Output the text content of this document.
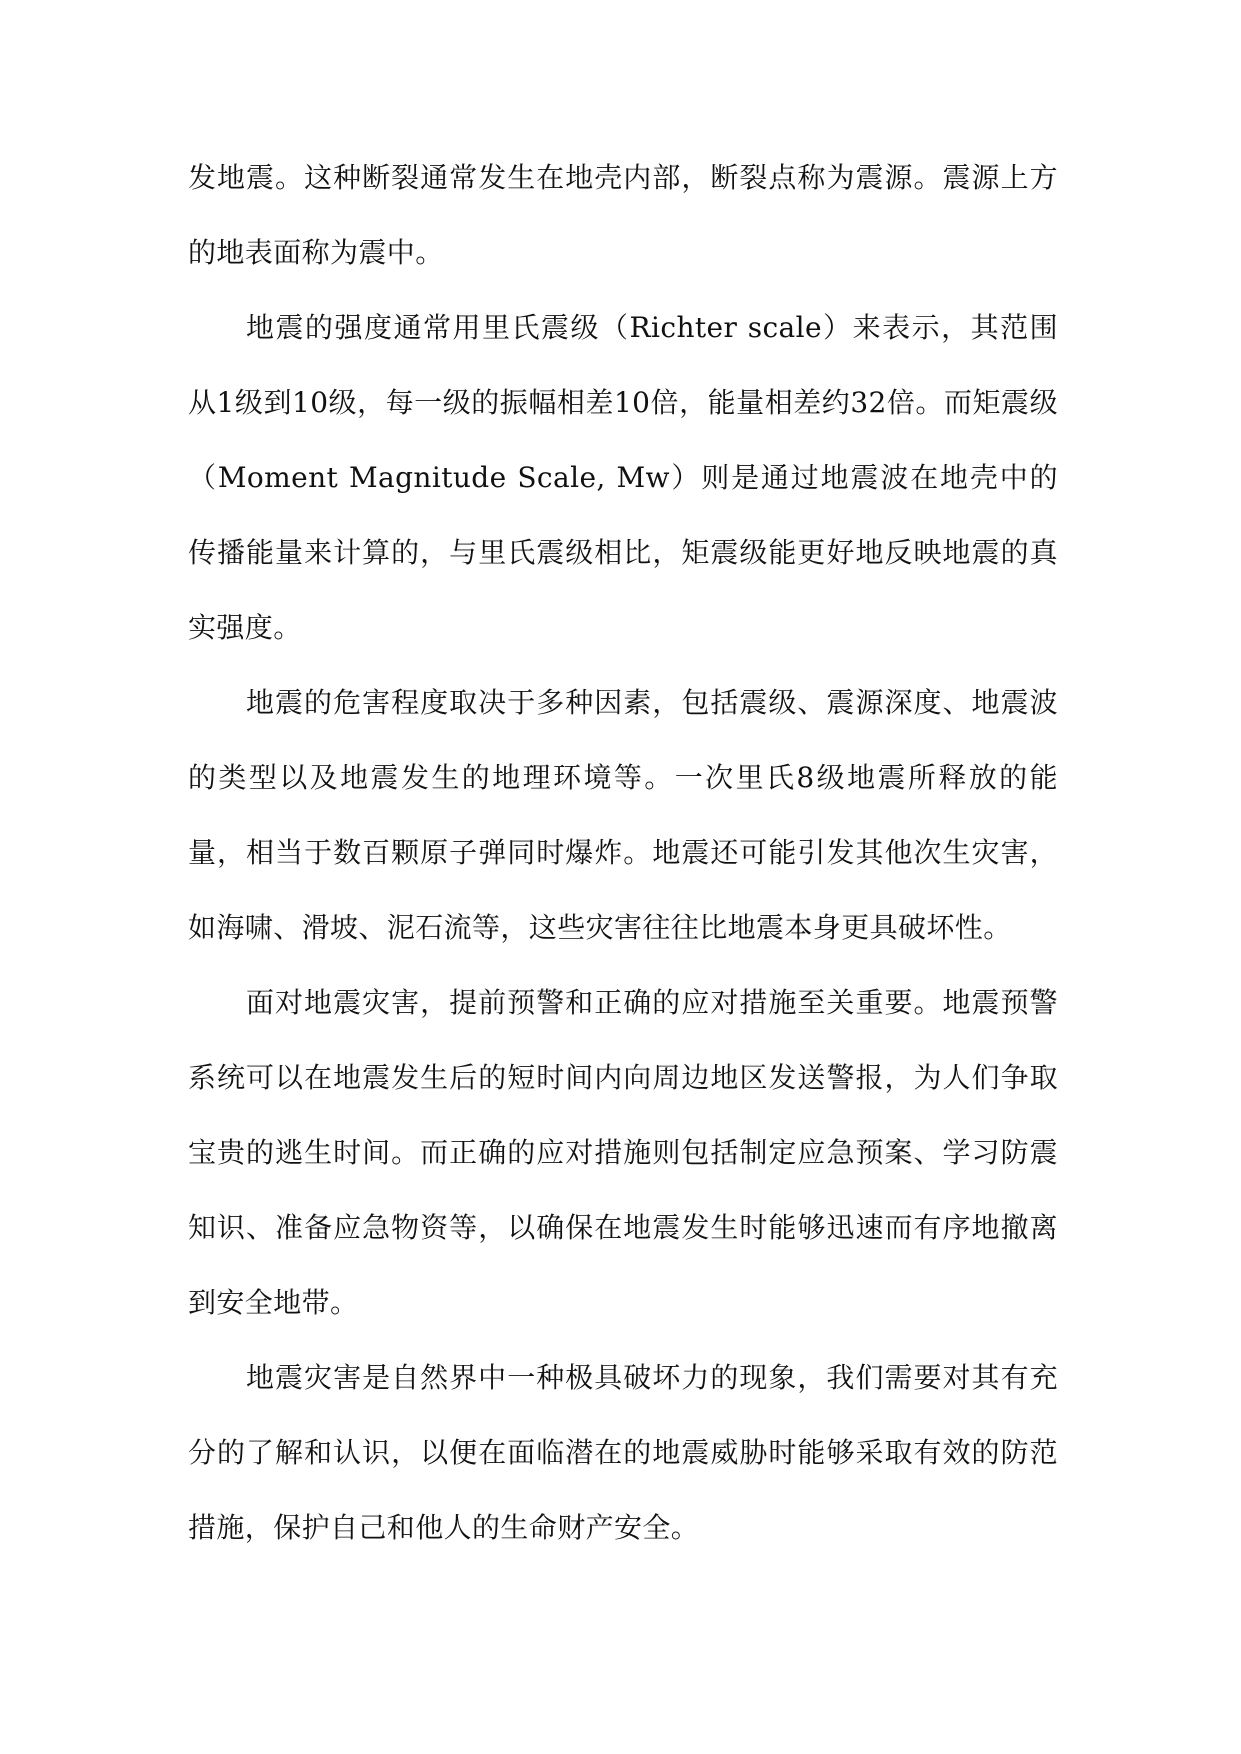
发地震。这种断裂通常发生在地壳内部，断裂点称为震源。震源上方的地表面称为震中。

地震的强度通常用里氏震级（Richter scale）来表示，其范围从1级到10级，每一级的振幅相差10倍，能量相差约32倍。而矩震级（Moment Magnitude Scale, Mw）则是通过地震波在地壳中的传播能量来计算的，与里氏震级相比，矩震级能更好地反映地震的真实强度。

地震的危害程度取决于多种因素，包括震级、震源深度、地震波的类型以及地震发生的地理环境等。一次里氏8级地震所释放的能量，相当于数百颗原子弹同时爆炸。地震还可能引发其他次生灾害，如海啸、滑坡、泥石流等，这些灾害往往比地震本身更具破坏性。

面对地震灾害，提前预警和正确的应对措施至关重要。地震预警系统可以在地震发生后的短时间内向周边地区发送警报，为人们争取宝贵的逃生时间。而正确的应对措施则包括制定应急预案、学习防震知识、准备应急物资等，以确保在地震发生时能够迅速而有序地撤离到安全地带。

地震灾害是自然界中一种极具破坏力的现象，我们需要对其有充分的了解和认识，以便在面临潜在的地震威胁时能够采取有效的防范措施，保护自己和他人的生命财产安全。
